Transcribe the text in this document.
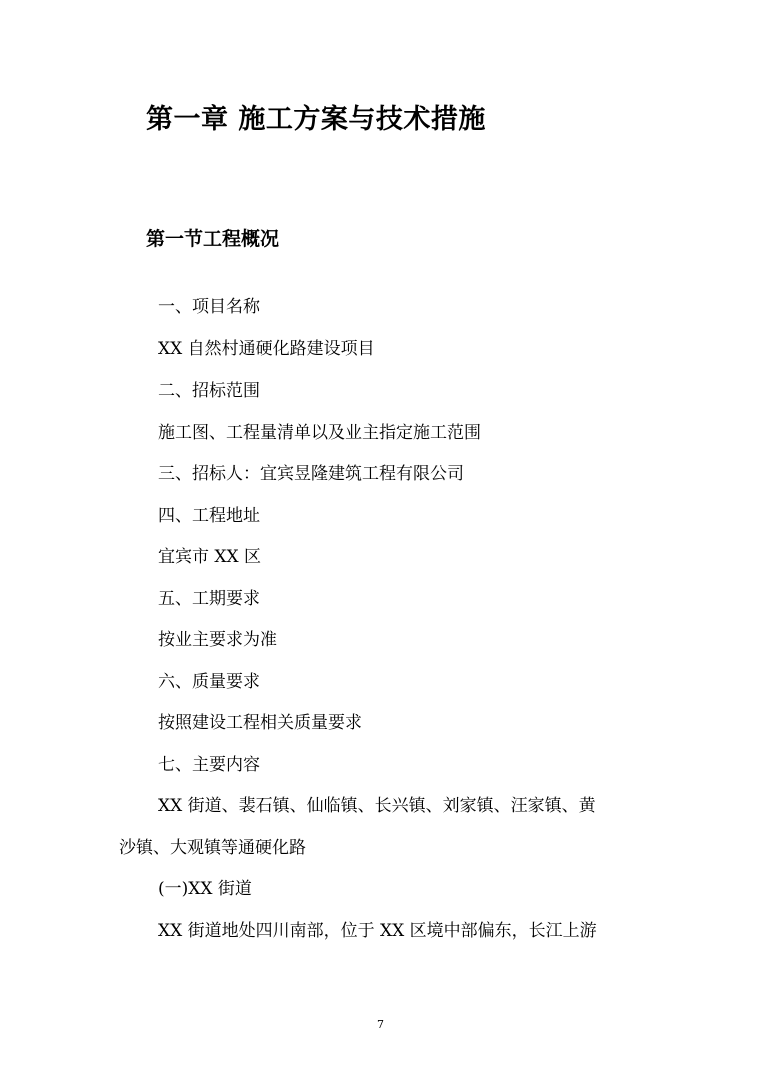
第一章 施工方案与技术措施
第一节工程概况

一、项目名称

XX 自然村通硬化路建设项目

二、招标范围

施工图、工程量清单以及业主指定施工范围

三、招标人：宜宾昱隆建筑工程有限公司

四、工程地址

宜宾市 XX 区

五、工期要求

按业主要求为准

六、质量要求

按照建设工程相关质量要求

七、主要内容

XX 街道、裴石镇、仙临镇、长兴镇、刘家镇、汪家镇、黄

沙镇、大观镇等通硬化路

(一)XX 街道

XX 街道地处四川南部，位于 XX 区境中部偏东，长江上游

7
